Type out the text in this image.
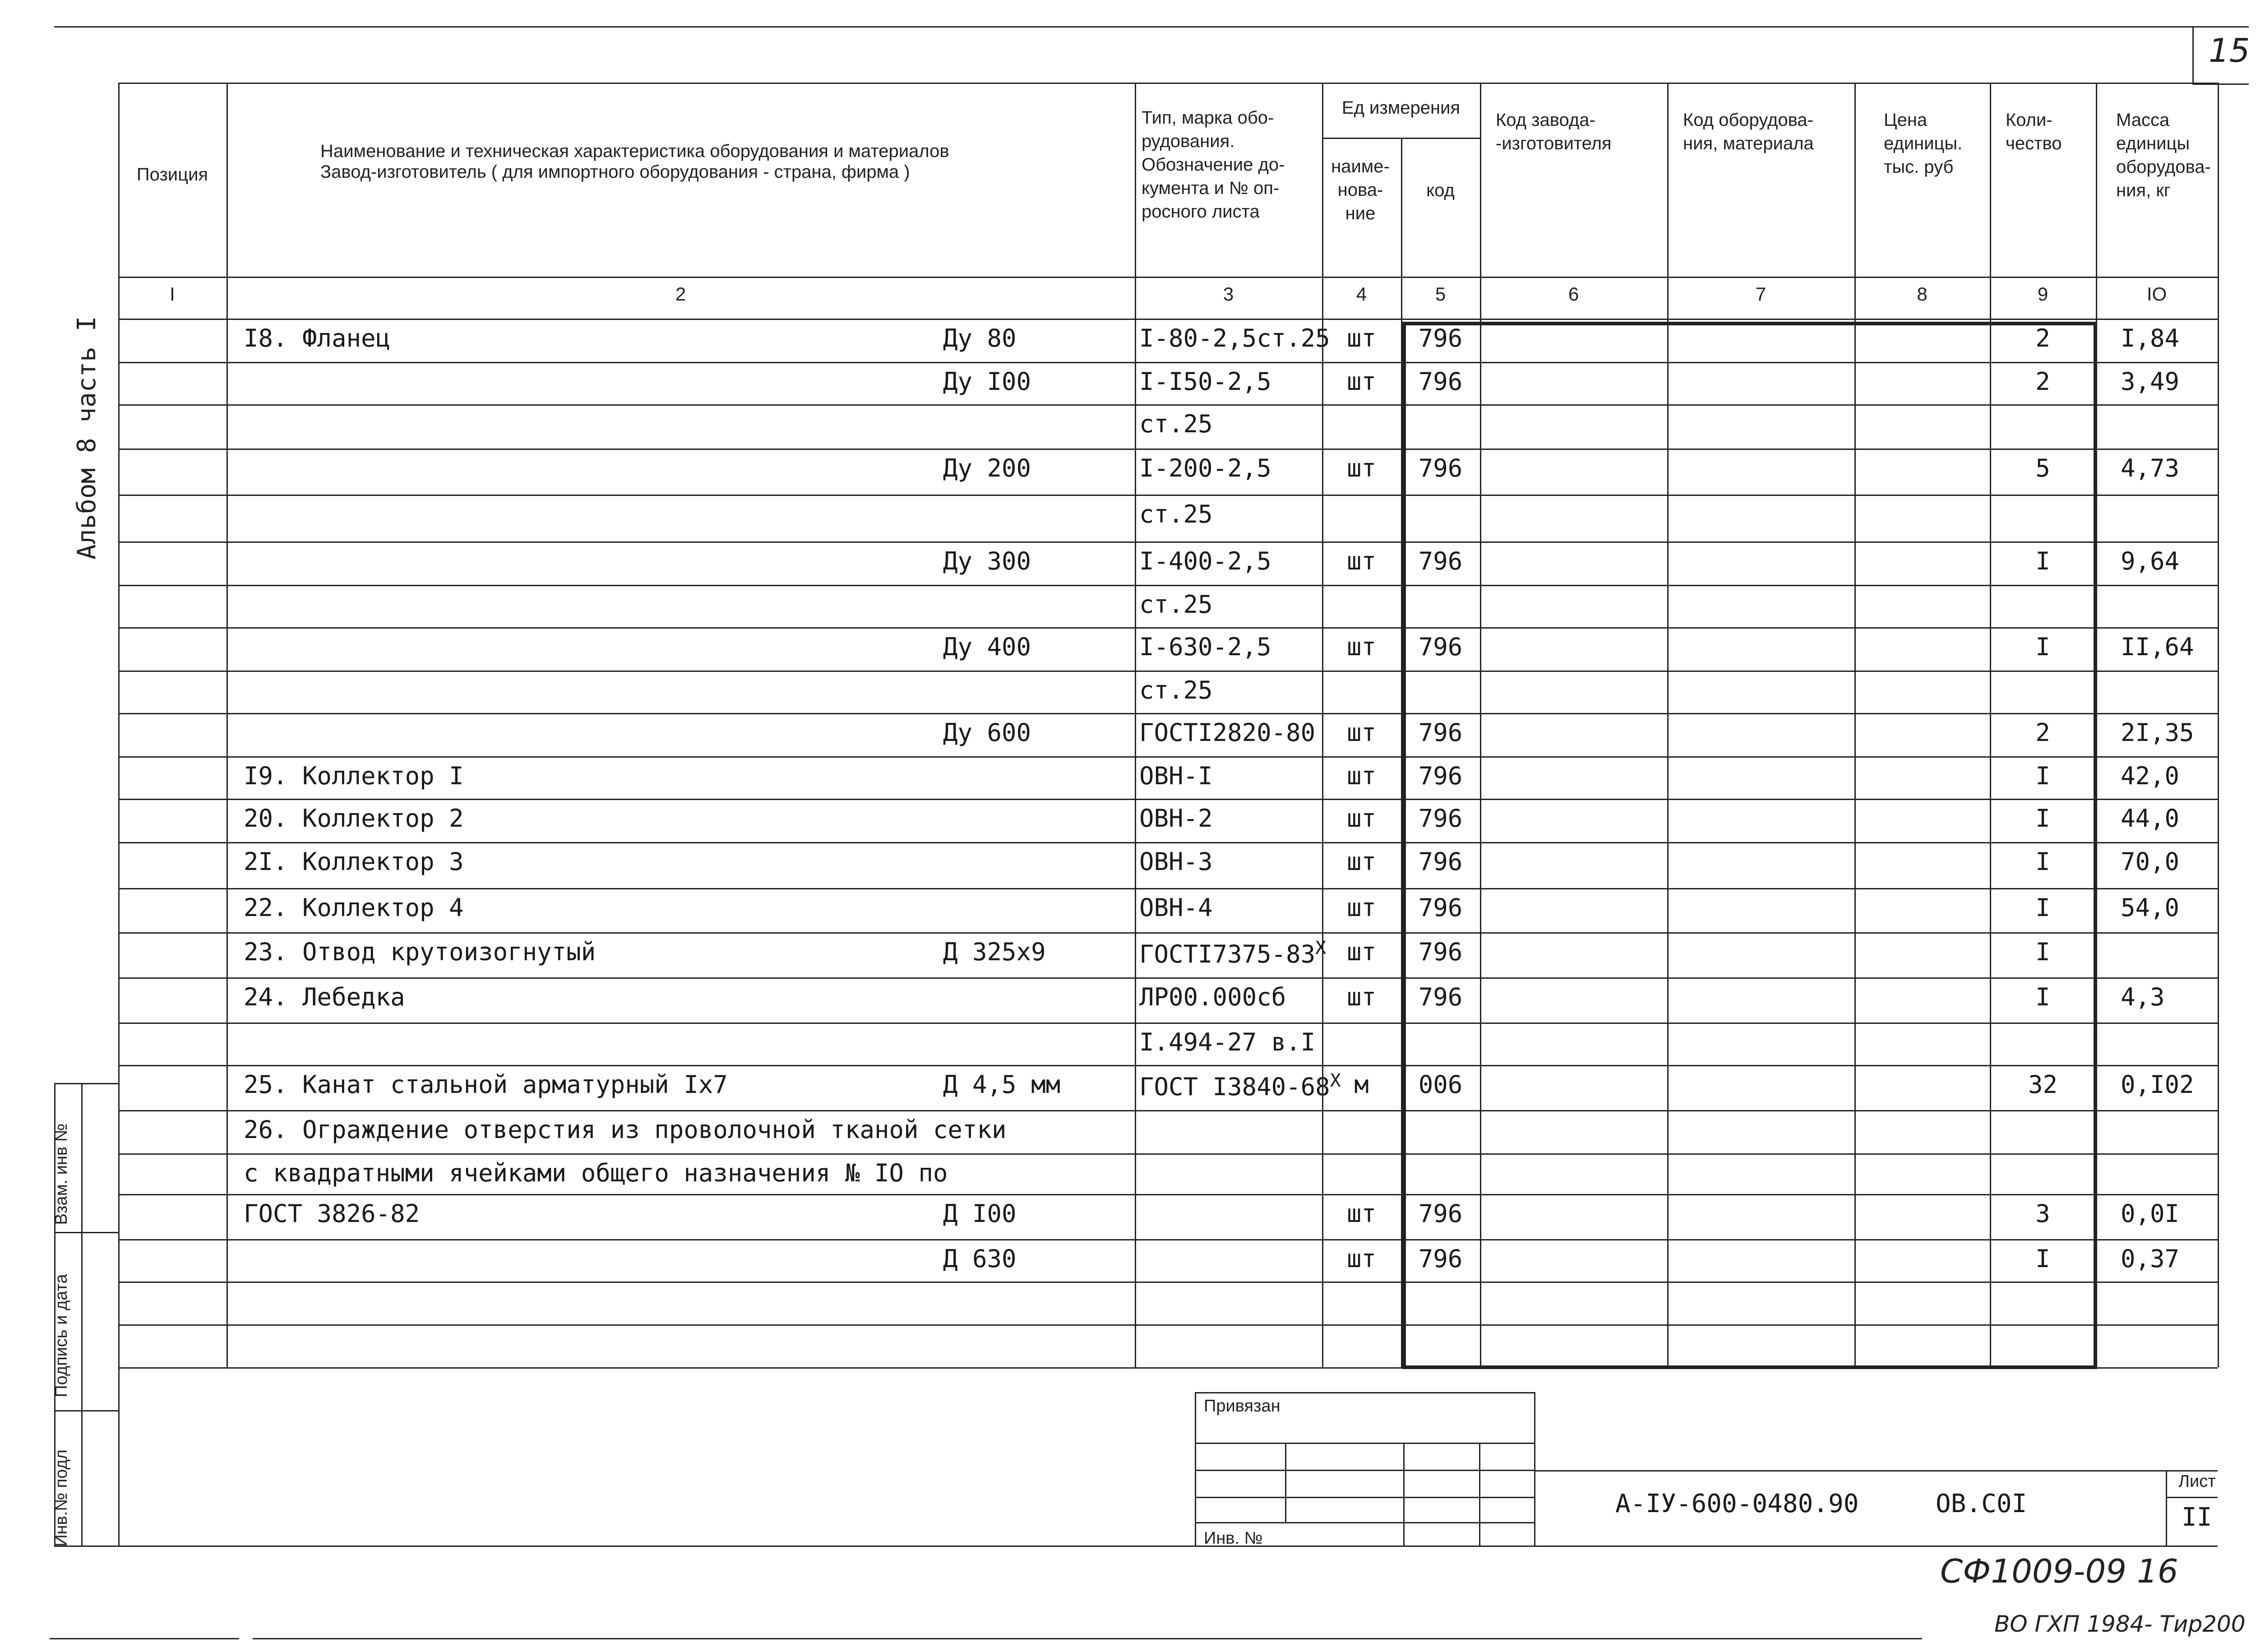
15
Альбом 8 часть I
Позиция
Наименование и техническая характеристика оборудования и материалов
Завод-изготовитель ( для импортного оборудования - страна, фирма )
Тип, марка обо-
рудования.
Обозначение до-
кумента и № оп-
росного листа
Ед измерения
наиме-
нова-
ние
код
Код завода-
-изготовителя
Код оборудова-
ния, материала
Цена
единицы.
тыс. руб
Коли-
чество
Масса
единицы
оборудова-
ния, кг
I	2	3	4	5	6	7	8	9	IO
I8. Фланец	Ду 80	I-80-2,5ст.25 шт	796	2	I,84
Ду I00	I-I50-2,5	шт	796	2	3,49
ст.25
Ду 200	I-200-2,5	шт	796	5	4,73
ст.25
Ду 300	I-400-2,5	шт	796	I	9,64
ст.25
Ду 400	I-630-2,5	шт	796	I	II,64
ст.25
Ду 600	ГОСТI2820-80	шт	796	2	2I,35
I9. Коллектор I	ОВН-I	шт	796	I	42,0
20. Коллектор 2	ОВН-2	шт	796	I	44,0
2I. Коллектор 3	ОВН-3	шт	796	I	70,0
22. Коллектор 4	ОВН-4	шт	796	I	54,0
23. Отвод крутоизогнутый	Д 325х9	$ГОСТI7375-83^Х$ шт	796	I
24. Лебедка	ЛР00.000сб	шт	796	I	4,3
I.494-27 в.I
25. Канат стальной арматурный Iх7	Д 4,5 мм	ГОСТ $I3840-68^Х$ м	006	32	0,I02
26. Ограждение отверстия из проволочной тканой сетки
с квадратными ячейками общего назначения № IО по
ГОСТ 3826-82	Д I00	шт	796	3	0,0I
Д 630	шт	796	I	0,37
Взам. инв №
Подпись и дата
Инв.№ подл
Привязан
Инв. №
А-IУ-600-0480.90	ОВ.С0I
Лист
II
СФ1009-09 16
ВО ГХП 1984- Тир200
